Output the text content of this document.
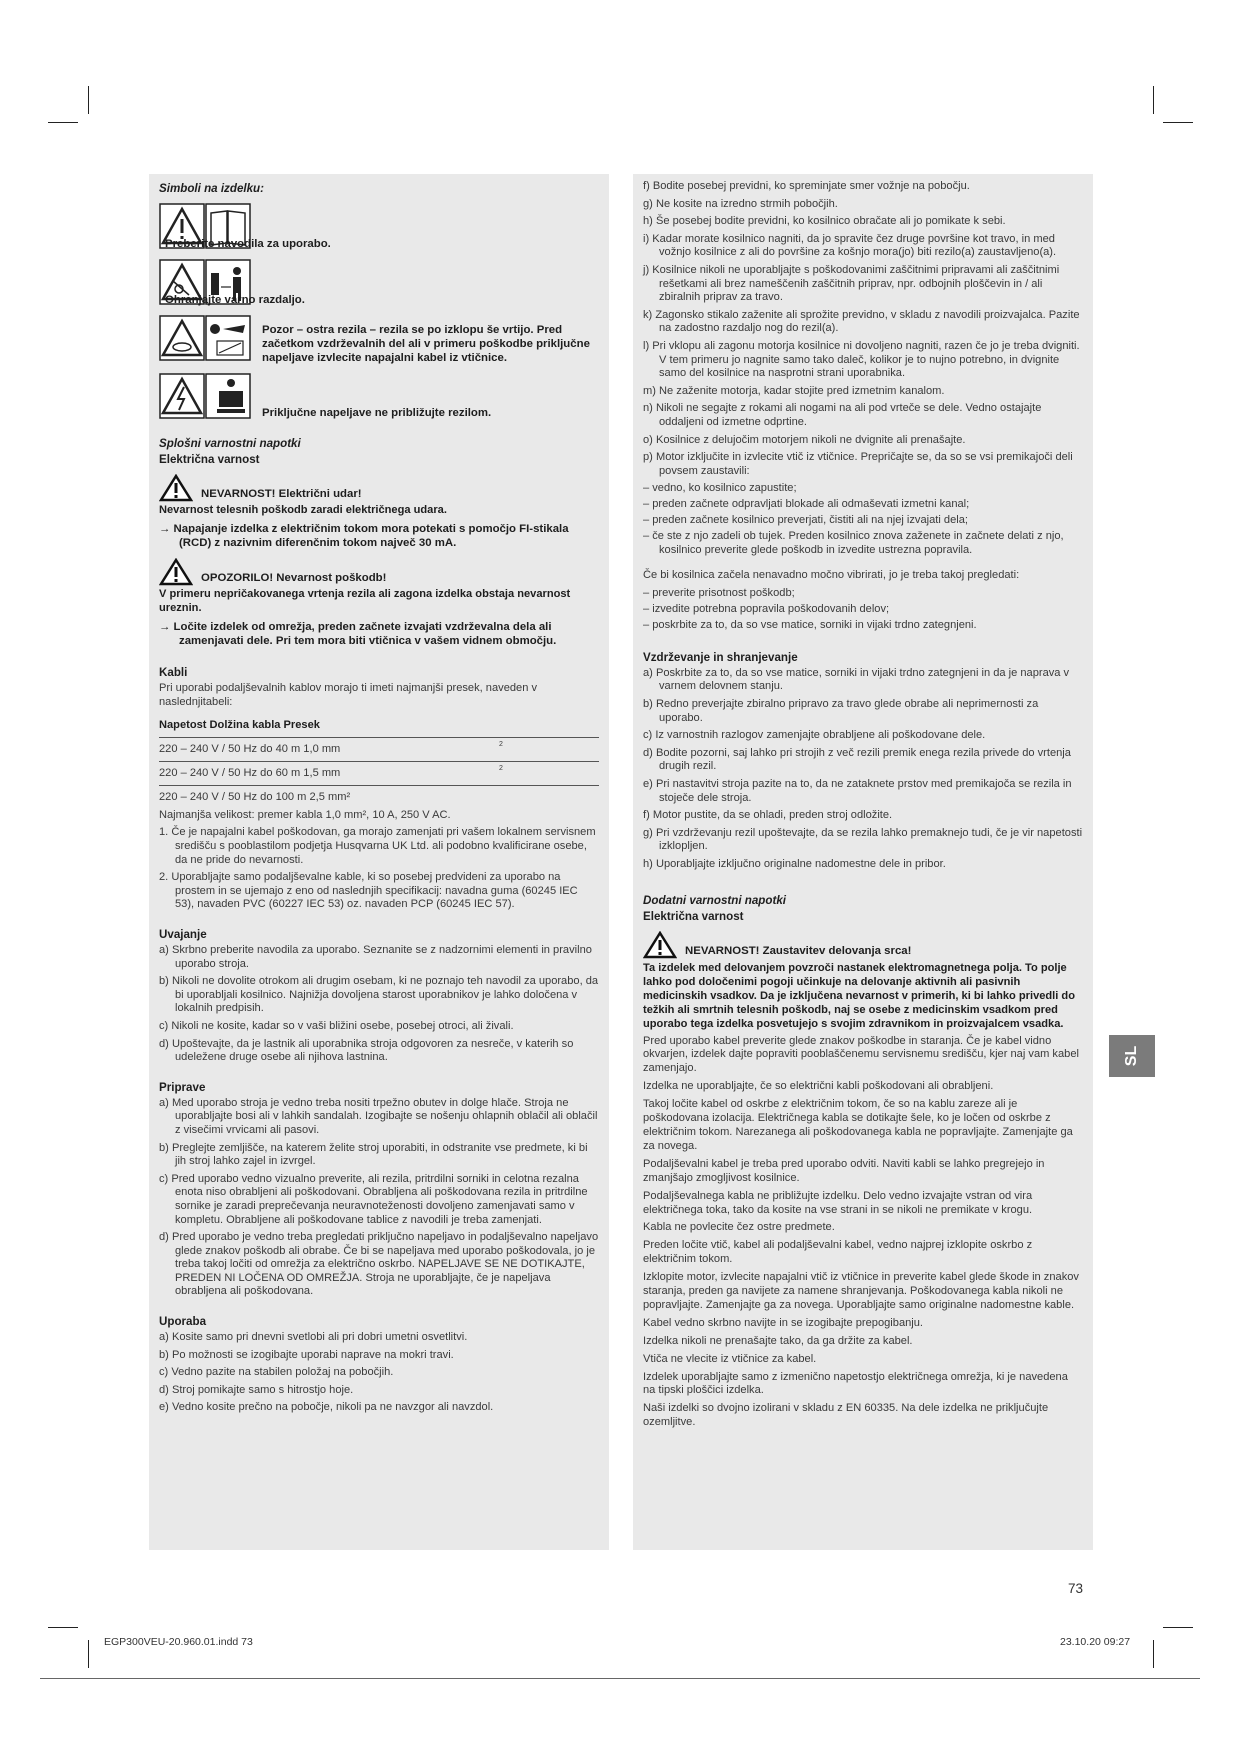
Simboli na izdelku:
Preberite navodila za uporabo.
Ohranjajte varno razdaljo.
Pozor – ostra rezila – rezila se po izklopu še vrtijo. Pred začetkom vzdrževalnih del ali v primeru poškodbe priključne napeljave izvlecite napajalni kabel iz vtičnice.
Priključne napeljave ne približujte rezilom.
Splošni varnostni napotki
Električna varnost
NEVARNOST! Električni udar!
Nevarnost telesnih poškodb zaradi električnega udara.
→ Napajanje izdelka z električnim tokom mora potekati s pomočjo FI-stikala (RCD) z nazivnim diferenčnim tokom največ 30 mA.
OPOZORILO! Nevarnost poškodb!
V primeru nepričakovanega vrtenja rezila ali zagona izdelka obstaja nevarnost ureznin.
→ Ločite izdelek od omrežja, preden začnete izvajati vzdrževalna dela ali zamenjavati dele. Pri tem mora biti vtičnica v vašem vidnem območju.
Kabli
Pri uporabi podaljševalnih kablov morajo ti imeti najmanjši presek, naveden v naslednjitabeli:
Napetost Dolžina kabla Presek
220 – 240 V / 50 Hz do 40 m 1,0 mm	2
220 – 240 V / 50 Hz do 60 m 1,5 mm	2
220 – 240 V / 50 Hz do 100 m 2,5 mm²
Najmanjša velikost: premer kabla 1,0 mm², 10 A, 250 V AC.
1. Če je napajalni kabel poškodovan, ga morajo zamenjati pri vašem lokalnem servisnem središču s pooblastilom podjetja Husqvarna UK Ltd. ali podobno kvalificirane osebe, da ne pride do nevarnosti.
2. Uporabljajte samo podaljševalne kable, ki so posebej predvideni za uporabo na prostem in se ujemajo z eno od naslednjih specifikacij: navadna guma (60245 IEC 53), navaden PVC (60227 IEC 53) oz. navaden PCP (60245 IEC 57).
Uvajanje
a) Skrbno preberite navodila za uporabo. Seznanite se z nadzornimi elementi in pravilno uporabo stroja.
b) Nikoli ne dovolite otrokom ali drugim osebam, ki ne poznajo teh navodil za uporabo, da bi uporabljali kosilnico. Najnižja dovoljena starost uporabnikov je lahko določena v lokalnih predpisih.
c) Nikoli ne kosite, kadar so v vaši bližini osebe, posebej otroci, ali živali.
d) Upoštevajte, da je lastnik ali uporabnika stroja odgovoren za nesreče, v katerih so udeležene druge osebe ali njihova lastnina.
Priprave
a) Med uporabo stroja je vedno treba nositi trpežno obutev in dolge hlače. Stroja ne uporabljajte bosi ali v lahkih sandalah. Izogibajte se nošenju ohlapnih oblačil ali oblačil z visečimi vrvicami ali pasovi.
b) Preglejte zemljišče, na katerem želite stroj uporabiti, in odstranite vse predmete, ki bi jih stroj lahko zajel in izvrgel.
c) Pred uporabo vedno vizualno preverite, ali rezila, pritrdilni sorniki in celotna rezalna enota niso obrabljeni ali poškodovani. Obrabljena ali poškodovana rezila in pritrdilne sornike je zaradi preprečevanja neuravnoteženosti dovoljeno zamenjavati samo v kompletu. Obrabljene ali poškodovane tablice z navodili je treba zamenjati.
d) Pred uporabo je vedno treba pregledati priključno napeljavo in podaljševalno napeljavo glede znakov poškodb ali obrabe. Če bi se napeljava med uporabo poškodovala, jo je treba takoj ločiti od omrežja za električno oskrbo. NAPELJAVE SE NE DOTIKAJTE, PREDEN NI LOČENA OD OMREŽJA. Stroja ne uporabljajte, če je napeljava obrabljena ali poškodovana.
Uporaba
a) Kosite samo pri dnevni svetlobi ali pri dobri umetni osvetlitvi.
b) Po možnosti se izogibajte uporabi naprave na mokri travi.
c) Vedno pazite na stabilen položaj na pobočjih.
d) Stroj pomikajte samo s hitrostjo hoje.
e) Vedno kosite prečno na pobočje, nikoli pa ne navzgor ali navzdol.
f) Bodite posebej previdni, ko spreminjate smer vožnje na pobočju.
g) Ne kosite na izredno strmih pobočjih.
h) Še posebej bodite previdni, ko kosilnico obračate ali jo pomikate k sebi.
i) Kadar morate kosilnico nagniti, da jo spravite čez druge površine kot travo, in med vožnjo kosilnice z ali do površine za košnjo mora(jo) biti rezilo(a) zaustavljeno(a).
j) Kosilnice nikoli ne uporabljajte s poškodovanimi zaščitnimi pripravami ali zaščitnimi rešetkami ali brez nameščenih zaščitnih priprav, npr. odbojnih ploščevin in / ali zbiralnih priprav za travo.
k) Zagonsko stikalo zaženite ali sprožite previdno, v skladu z navodili proizvajalca. Pazite na zadostno razdaljo nog do rezil(a).
l) Pri vklopu ali zagonu motorja kosilnice ni dovoljeno nagniti, razen če jo je treba dvigniti. V tem primeru jo nagnite samo tako daleč, kolikor je to nujno potrebno, in dvignite samo del kosilnice na nasprotni strani uporabnika.
m) Ne zaženite motorja, kadar stojite pred izmetnim kanalom.
n) Nikoli ne segajte z rokami ali nogami na ali pod vrteče se dele. Vedno ostajajte oddaljeni od izmetne odprtine.
o) Kosilnice z delujočim motorjem nikoli ne dvignite ali prenašajte.
p) Motor izključite in izvlecite vtič iz vtičnice. Prepričajte se, da so se vsi premikajoči deli povsem zaustavili:
– vedno, ko kosilnico zapustite;
– preden začnete odpravljati blokade ali odmaševati izmetni kanal;
– preden začnete kosilnico preverjati, čistiti ali na njej izvajati dela;
– če ste z njo zadeli ob tujek. Preden kosilnico znova zaženete in začnete delati z njo, kosilnico preverite glede poškodb in izvedite ustrezna popravila.
Če bi kosilnica začela nenavadno močno vibrirati, jo je treba takoj pregledati:
– preverite prisotnost poškodb;
– izvedite potrebna popravila poškodovanih delov;
– poskrbite za to, da so vse matice, sorniki in vijaki trdno zategnjeni.
Vzdrževanje in shranjevanje
a) Poskrbite za to, da so vse matice, sorniki in vijaki trdno zategnjeni in da je naprava v varnem delovnem stanju.
b) Redno preverjajte zbiralno pripravo za travo glede obrabe ali neprimernosti za uporabo.
c) Iz varnostnih razlogov zamenjajte obrabljene ali poškodovane dele.
d) Bodite pozorni, saj lahko pri strojih z več rezili premik enega rezila privede do vrtenja drugih rezil.
e) Pri nastavitvi stroja pazite na to, da ne zataknete prstov med premikajoča se rezila in stoječe dele stroja.
f) Motor pustite, da se ohladi, preden stroj odložite.
g) Pri vzdrževanju rezil upoštevajte, da se rezila lahko premaknejo tudi, če je vir napetosti izklopljen.
h) Uporabljajte izključno originalne nadomestne dele in pribor.
Dodatni varnostni napotki
Električna varnost
NEVARNOST! Zaustavitev delovanja srca!
Ta izdelek med delovanjem povzroči nastanek elektromagnetnega polja. To polje lahko pod določenimi pogoji učinkuje na delovanje aktivnih ali pasivnih medicinskih vsadkov. Da je izključena nevarnost v primerih, ki bi lahko privedli do težkih ali smrtnih telesnih poškodb, naj se osebe z medicinskim vsadkom pred uporabo tega izdelka posvetujejo s svojim zdravnikom in proizvajalcem vsadka.
Pred uporabo kabel preverite glede znakov poškodbe in staranja. Če je kabel vidno okvarjen, izdelek dajte popraviti pooblaščenemu servisnemu središču, kjer naj vam kabel zamenjajo.
Izdelka ne uporabljajte, če so električni kabli poškodovani ali obrabljeni.
Takoj ločite kabel od oskrbe z električnim tokom, če so na kablu zareze ali je poškodovana izolacija. Električnega kabla se dotikajte šele, ko je ločen od oskrbe z električnim tokom. Narezanega ali poškodovanega kabla ne popravljajte. Zamenjajte ga za novega.
Podaljševalni kabel je treba pred uporabo odviti. Naviti kabli se lahko pregrejejo in zmanjšajo zmogljivost kosilnice.
Podaljševalnega kabla ne približujte izdelku. Delo vedno izvajajte vstran od vira električnega toka, tako da kosite na vse strani in se nikoli ne premikate v krogu.
Kabla ne povlecite čez ostre predmete.
Preden ločite vtič, kabel ali podaljševalni kabel, vedno najprej izklopite oskrbo z električnim tokom.
Izklopite motor, izvlecite napajalni vtič iz vtičnice in preverite kabel glede škode in znakov staranja, preden ga navijete za namene shranjevanja. Poškodovanega kabla nikoli ne popravljajte. Zamenjajte ga za novega. Uporabljajte samo originalne nadomestne kable.
Kabel vedno skrbno navijte in se izogibajte prepogibanju.
Izdelka nikoli ne prenašajte tako, da ga držite za kabel.
Vtiča ne vlecite iz vtičnice za kabel.
Izdelek uporabljajte samo z izmenično napetostjo električnega omrežja, ki je navedena na tipski ploščici izdelka.
Naši izdelki so dvojno izolirani v skladu z EN 60335. Na dele izdelka ne priključujte ozemljitve.
SL
73
EGP300VEU-20.960.01.indd 73	23.10.20 09:27
